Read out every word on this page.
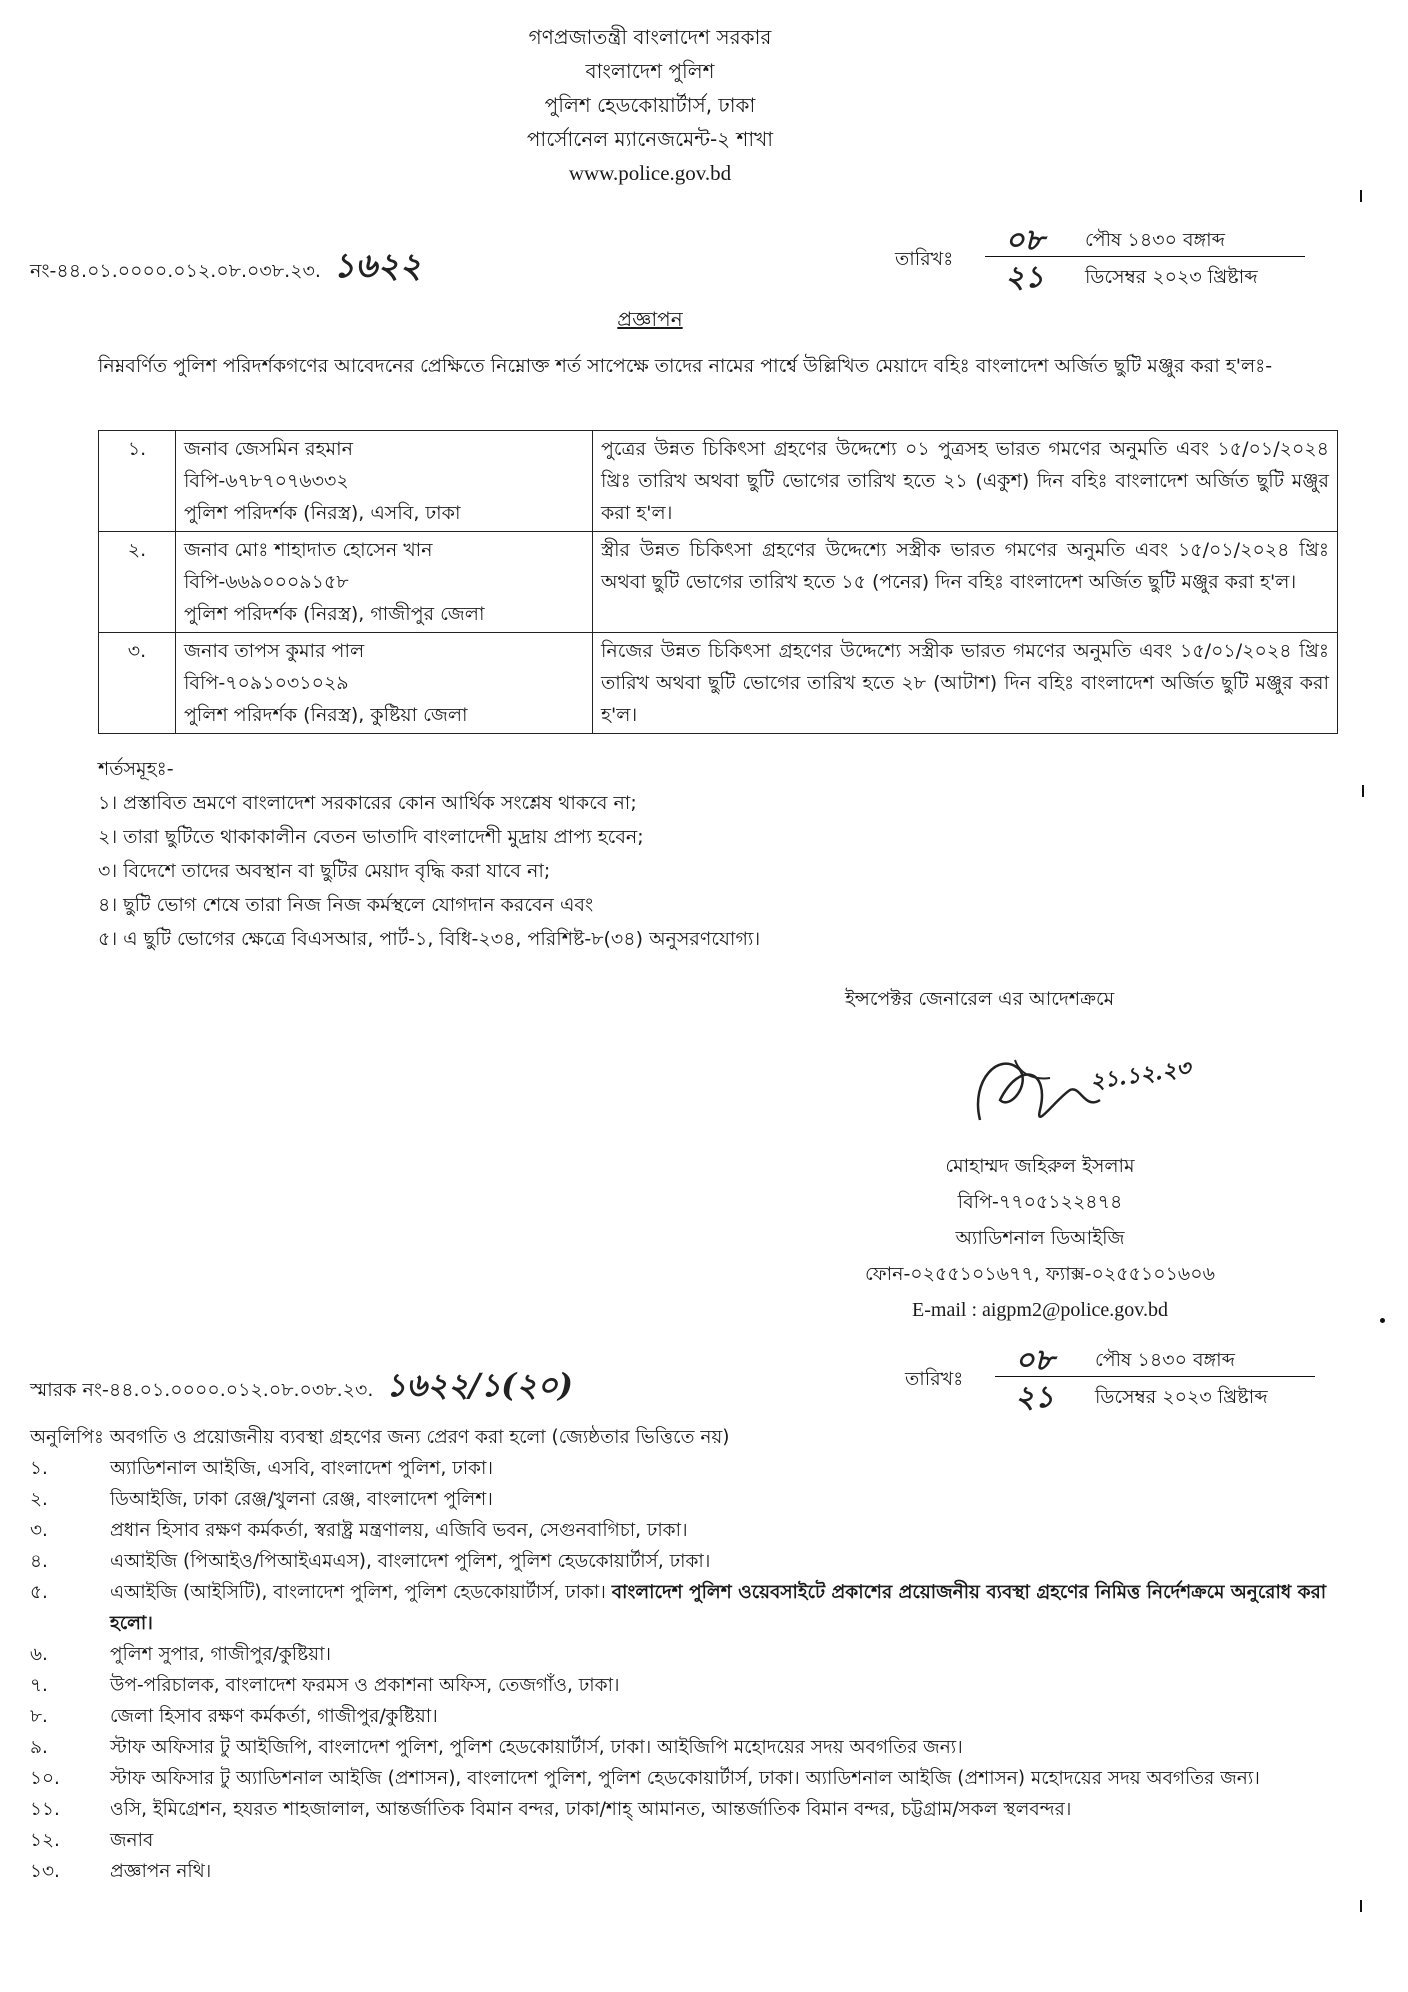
গণপ্রজাতন্ত্রী বাংলাদেশ সরকার
বাংলাদেশ পুলিশ
পুলিশ হেডকোয়ার্টার্স, ঢাকা
পার্সোনেল ম্যানেজমেন্ট-২ শাখা
www.police.gov.bd
নং-৪৪.০১.০০০০.০১২.০৮.০৩৮.২৩. ১৬২২	তারিখঃ
০৮ পৌষ ১৪৩০ বঙ্গাব্দ
২১ ডিসেম্বর ২০২৩ খ্রিষ্টাব্দ
প্রজ্ঞাপন

নিম্নবর্ণিত পুলিশ পরিদর্শকগণের আবেদনের প্রেক্ষিতে নিম্নোক্ত শর্ত সাপেক্ষে তাদের নামের পার্শ্বে উল্লিখিত মেয়াদে বহিঃ বাংলাদেশ অর্জিত ছুটি মঞ্জুর করা হ'লঃ-

১.	জনাব জেসমিন রহমান
বিপি-৬৭৮৭০৭৬৩৩২
পুলিশ পরিদর্শক (নিরস্ত্র), এসবি, ঢাকা	পুত্রের উন্নত চিকিৎসা গ্রহণের উদ্দেশ্যে ০১ পুত্রসহ ভারত গমণের অনুমতি এবং ১৫/০১/২০২৪ খ্রিঃ তারিখ অথবা ছুটি ভোগের তারিখ হতে ২১ (একুশ) দিন বহিঃ বাংলাদেশ অর্জিত ছুটি মঞ্জুর করা হ'ল।
২.	জনাব মোঃ শাহাদাত হোসেন খান
বিপি-৬৬৯০০০৯১৫৮
পুলিশ পরিদর্শক (নিরস্ত্র), গাজীপুর জেলা	স্ত্রীর উন্নত চিকিৎসা গ্রহণের উদ্দেশ্যে সস্ত্রীক ভারত গমণের অনুমতি এবং ১৫/০১/২০২৪ খ্রিঃ অথবা ছুটি ভোগের তারিখ হতে ১৫ (পনের) দিন বহিঃ বাংলাদেশ অর্জিত ছুটি মঞ্জুর করা হ'ল।
৩.	জনাব তাপস কুমার পাল
বিপি-৭০৯১০৩১০২৯
পুলিশ পরিদর্শক (নিরস্ত্র), কুষ্টিয়া জেলা	নিজের উন্নত চিকিৎসা গ্রহণের উদ্দেশ্যে সস্ত্রীক ভারত গমণের অনুমতি এবং ১৫/০১/২০২৪ খ্রিঃ তারিখ অথবা ছুটি ভোগের তারিখ হতে ২৮ (আটাশ) দিন বহিঃ বাংলাদেশ অর্জিত ছুটি মঞ্জুর করা হ'ল।
শর্তসমূহঃ-
১। প্রস্তাবিত ভ্রমণে বাংলাদেশ সরকারের কোন আর্থিক সংশ্লেষ থাকবে না;
২। তারা ছুটিতে থাকাকালীন বেতন ভাতাদি বাংলাদেশী মুদ্রায় প্রাপ্য হবেন;
৩। বিদেশে তাদের অবস্থান বা ছুটির মেয়াদ বৃদ্ধি করা যাবে না;
৪। ছুটি ভোগ শেষে তারা নিজ নিজ কর্মস্থলে যোগদান করবেন এবং
৫। এ ছুটি ভোগের ক্ষেত্রে বিএসআর, পার্ট-১, বিধি-২৩৪, পরিশিষ্ট-৮(৩৪) অনুসরণযোগ্য।
ইন্সপেক্টর জেনারেল এর আদেশক্রমে
২১.১২.২৩
মোহাম্মদ জহিরুল ইসলাম
বিপি-৭৭০৫১২২৪৭৪
অ্যাডিশনাল ডিআইজি
ফোন-০২৫৫১০১৬৭৭, ফ্যাক্স-০২৫৫১০১৬০৬
E-mail : aigpm2@police.gov.bd
স্মারক নং-৪৪.০১.০০০০.০১২.০৮.০৩৮.২৩. ১৬২২/১(২০)	তারিখঃ
০৮ পৌষ ১৪৩০ বঙ্গাব্দ
২১ ডিসেম্বর ২০২৩ খ্রিষ্টাব্দ
অনুলিপিঃ অবগতি ও প্রয়োজনীয় ব্যবস্থা গ্রহণের জন্য প্রেরণ করা হলো (জ্যেষ্ঠতার ভিত্তিতে নয়)
১.	অ্যাডিশনাল আইজি, এসবি, বাংলাদেশ পুলিশ, ঢাকা।
২.	ডিআইজি, ঢাকা রেঞ্জ/খুলনা রেঞ্জ, বাংলাদেশ পুলিশ।
৩.	প্রধান হিসাব রক্ষণ কর্মকর্তা, স্বরাষ্ট্র মন্ত্রণালয়, এজিবি ভবন, সেগুনবাগিচা, ঢাকা।
৪.	এআইজি (পিআইও/পিআইএমএস), বাংলাদেশ পুলিশ, পুলিশ হেডকোয়ার্টার্স, ঢাকা।
৫.	এআইজি (আইসিটি), বাংলাদেশ পুলিশ, পুলিশ হেডকোয়ার্টার্স, ঢাকা। বাংলাদেশ পুলিশ ওয়েবসাইটে প্রকাশের প্রয়োজনীয় ব্যবস্থা গ্রহণের নিমিত্ত নির্দেশক্রমে অনুরোধ করা হলো।
৬.	পুলিশ সুপার, গাজীপুর/কুষ্টিয়া।
৭.	উপ-পরিচালক, বাংলাদেশ ফরমস ও প্রকাশনা অফিস, তেজগাঁও, ঢাকা।
৮.	জেলা হিসাব রক্ষণ কর্মকর্তা, গাজীপুর/কুষ্টিয়া।
৯.	স্টাফ অফিসার টু আইজিপি, বাংলাদেশ পুলিশ, পুলিশ হেডকোয়ার্টার্স, ঢাকা। আইজিপি মহোদয়ের সদয় অবগতির জন্য।
১০.	স্টাফ অফিসার টু অ্যাডিশনাল আইজি (প্রশাসন), বাংলাদেশ পুলিশ, পুলিশ হেডকোয়ার্টার্স, ঢাকা। অ্যাডিশনাল আইজি (প্রশাসন) মহোদয়ের সদয় অবগতির জন্য।
১১.	ওসি, ইমিগ্রেশন, হযরত শাহজালাল, আন্তর্জাতিক বিমান বন্দর, ঢাকা/শাহ্ আমানত, আন্তর্জাতিক বিমান বন্দর, চট্টগ্রাম/সকল স্থলবন্দর।
১২.	জনাব
১৩.	প্রজ্ঞাপন নথি।
